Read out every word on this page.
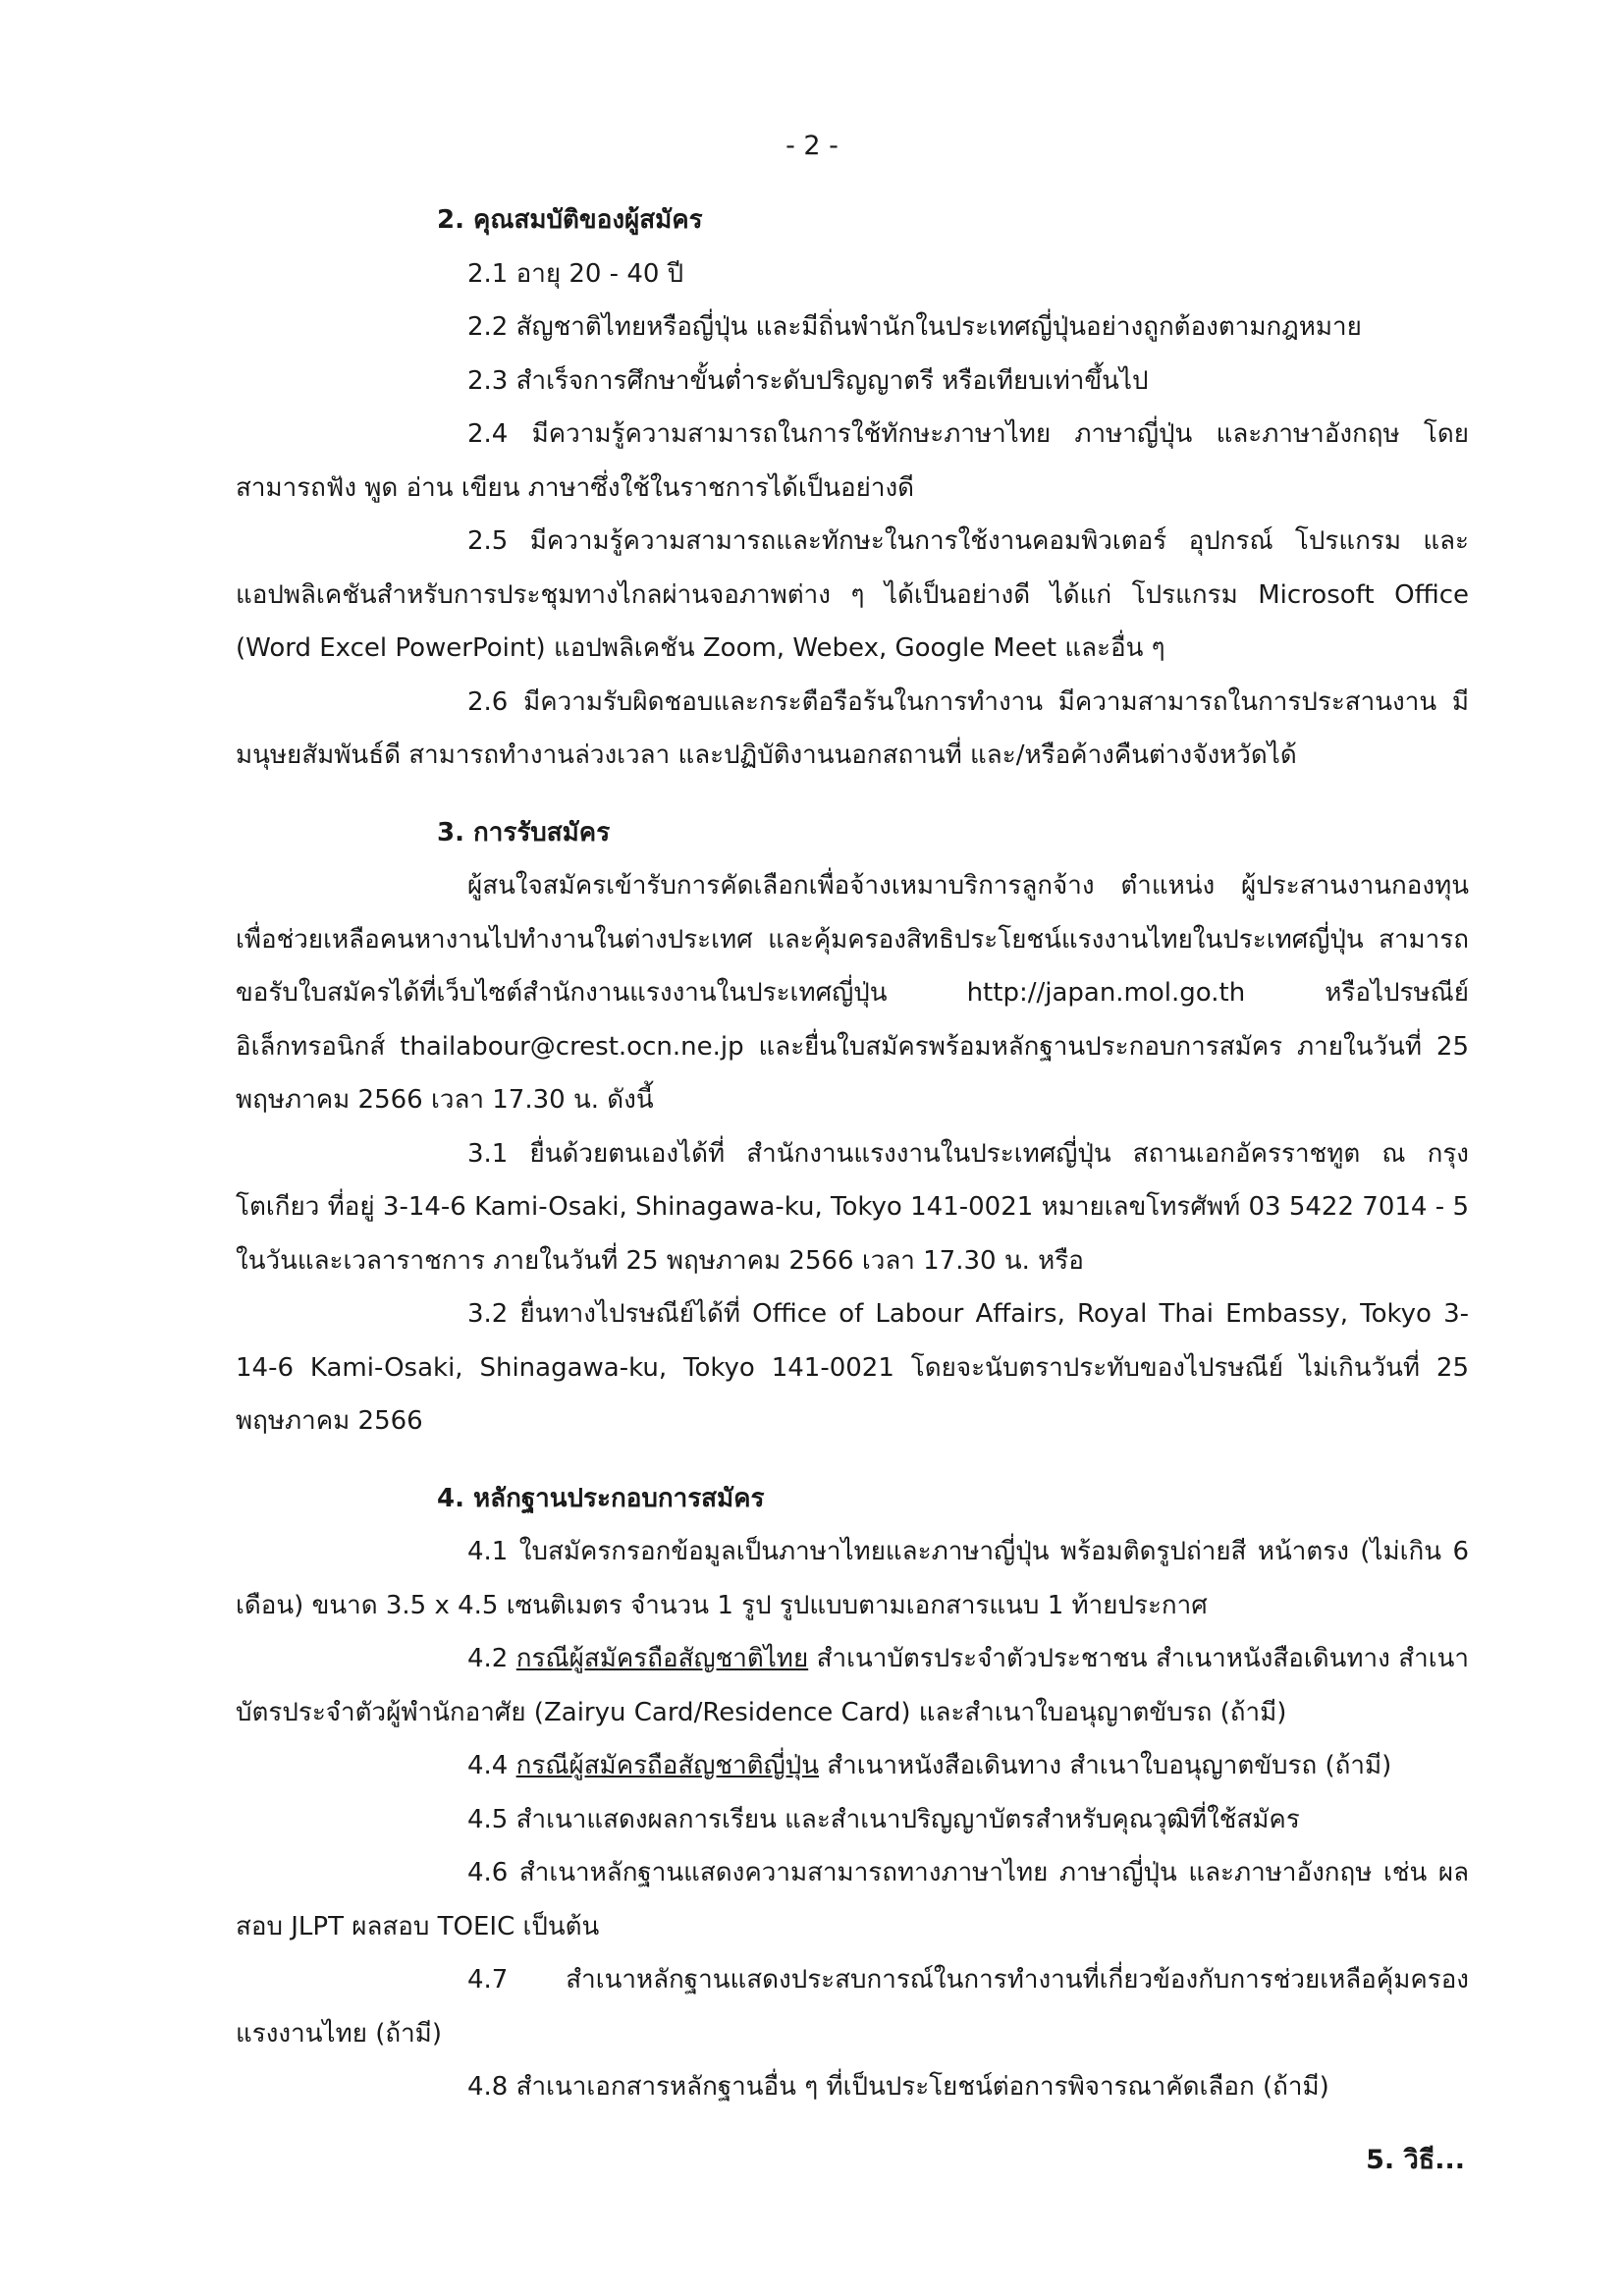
- 2 -

2. คุณสมบัติของผู้สมัคร

2.1 อายุ 20 - 40 ปี

2.2 สัญชาติไทยหรือญี่ปุ่น และมีถิ่นพำนักในประเทศญี่ปุ่นอย่างถูกต้องตามกฎหมาย

2.3 สำเร็จการศึกษาขั้นต่ำระดับปริญญาตรี หรือเทียบเท่าขึ้นไป

2.4 มีความรู้ความสามารถในการใช้ทักษะภาษาไทย ภาษาญี่ปุ่น และภาษาอังกฤษ โดยสามารถฟัง พูด อ่าน เขียน ภาษาซึ่งใช้ในราชการได้เป็นอย่างดี

2.5 มีความรู้ความสามารถและทักษะในการใช้งานคอมพิวเตอร์ อุปกรณ์ โปรแกรม และแอปพลิเคชันสำหรับการประชุมทางไกลผ่านจอภาพต่าง ๆ ได้เป็นอย่างดี ได้แก่ โปรแกรม Microsoft Office (Word Excel PowerPoint) แอปพลิเคชัน Zoom, Webex, Google Meet และอื่น ๆ

2.6 มีความรับผิดชอบและกระตือรือร้นในการทำงาน มีความสามารถในการประสานงาน มีมนุษยสัมพันธ์ดี สามารถทำงานล่วงเวลา และปฏิบัติงานนอกสถานที่ และ/หรือค้างคืนต่างจังหวัดได้

3. การรับสมัคร

ผู้สนใจสมัครเข้ารับการคัดเลือกเพื่อจ้างเหมาบริการลูกจ้าง ตำแหน่ง ผู้ประสานงานกองทุนเพื่อช่วยเหลือคนหางานไปทำงานในต่างประเทศ และคุ้มครองสิทธิประโยชน์แรงงานไทยในประเทศญี่ปุ่น สามารถขอรับใบสมัครได้ที่เว็บไซต์สำนักงานแรงงานในประเทศญี่ปุ่น http://japan.mol.go.th หรือไปรษณีย์อิเล็กทรอนิกส์ thailabour@crest.ocn.ne.jp และยื่นใบสมัครพร้อมหลักฐานประกอบการสมัคร ภายในวันที่ 25 พฤษภาคม 2566 เวลา 17.30 น. ดังนี้

3.1 ยื่นด้วยตนเองได้ที่ สำนักงานแรงงานในประเทศญี่ปุ่น สถานเอกอัครราชทูต ณ กรุงโตเกียว ที่อยู่ 3-14-6 Kami-Osaki, Shinagawa-ku, Tokyo 141-0021 หมายเลขโทรศัพท์ 03 5422 7014 - 5 ในวันและเวลาราชการ ภายในวันที่ 25 พฤษภาคม 2566 เวลา 17.30 น. หรือ

3.2 ยื่นทางไปรษณีย์ได้ที่ Office of Labour Affairs, Royal Thai Embassy, Tokyo 3-14-6 Kami-Osaki, Shinagawa-ku, Tokyo 141-0021 โดยจะนับตราประทับของไปรษณีย์ ไม่เกินวันที่ 25 พฤษภาคม 2566

4. หลักฐานประกอบการสมัคร

4.1 ใบสมัครกรอกข้อมูลเป็นภาษาไทยและภาษาญี่ปุ่น พร้อมติดรูปถ่ายสี หน้าตรง (ไม่เกิน 6 เดือน) ขนาด 3.5 x 4.5 เซนติเมตร จำนวน 1 รูป รูปแบบตามเอกสารแนบ 1 ท้ายประกาศ

4.2 กรณีผู้สมัครถือสัญชาติไทย สำเนาบัตรประจำตัวประชาชน สำเนาหนังสือเดินทาง สำเนาบัตรประจำตัวผู้พำนักอาศัย (Zairyu Card/Residence Card) และสำเนาใบอนุญาตขับรถ (ถ้ามี)

4.4 กรณีผู้สมัครถือสัญชาติญี่ปุ่น สำเนาหนังสือเดินทาง สำเนาใบอนุญาตขับรถ (ถ้ามี)

4.5 สำเนาแสดงผลการเรียน และสำเนาปริญญาบัตรสำหรับคุณวุฒิที่ใช้สมัคร

4.6 สำเนาหลักฐานแสดงความสามารถทางภาษาไทย ภาษาญี่ปุ่น และภาษาอังกฤษ เช่น ผลสอบ JLPT ผลสอบ TOEIC เป็นต้น

4.7 สำเนาหลักฐานแสดงประสบการณ์ในการทำงานที่เกี่ยวข้องกับการช่วยเหลือคุ้มครองแรงงานไทย (ถ้ามี)

4.8 สำเนาเอกสารหลักฐานอื่น ๆ ที่เป็นประโยชน์ต่อการพิจารณาคัดเลือก (ถ้ามี)

5. วิธี...
